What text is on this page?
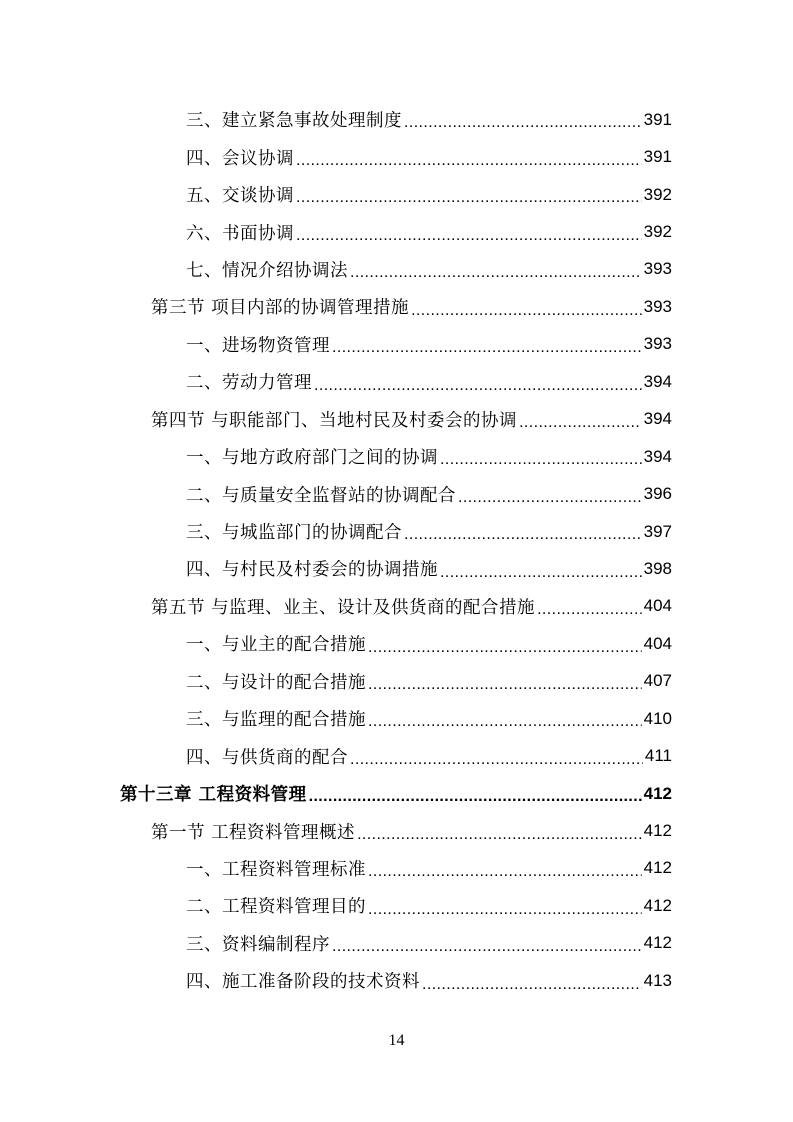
三、建立紧急事故处理制度 .....	391
四、会议协调 .....	391
五、交谈协调 .....	392
六、书面协调 .....	392
七、情况介绍协调法 .....	393
第三节 项目内部的协调管理措施 .....	393
一、进场物资管理 .....	393
二、劳动力管理 .....	394
第四节 与职能部门、当地村民及村委会的协调 .....	394
一、与地方政府部门之间的协调 .....	394
二、与质量安全监督站的协调配合 .....	396
三、与城监部门的协调配合 .....	397
四、与村民及村委会的协调措施 .....	398
第五节 与监理、业主、设计及供货商的配合措施 .....	404
一、与业主的配合措施 .....	404
二、与设计的配合措施 .....	407
三、与监理的配合措施 .....	410
四、与供货商的配合 .....	411
第十三章 工程资料管理 .....	412
第一节 工程资料管理概述 .....	412
一、工程资料管理标准 .....	412
二、工程资料管理目的 .....	412
三、资料编制程序 .....	412
四、施工准备阶段的技术资料 .....	413
14
